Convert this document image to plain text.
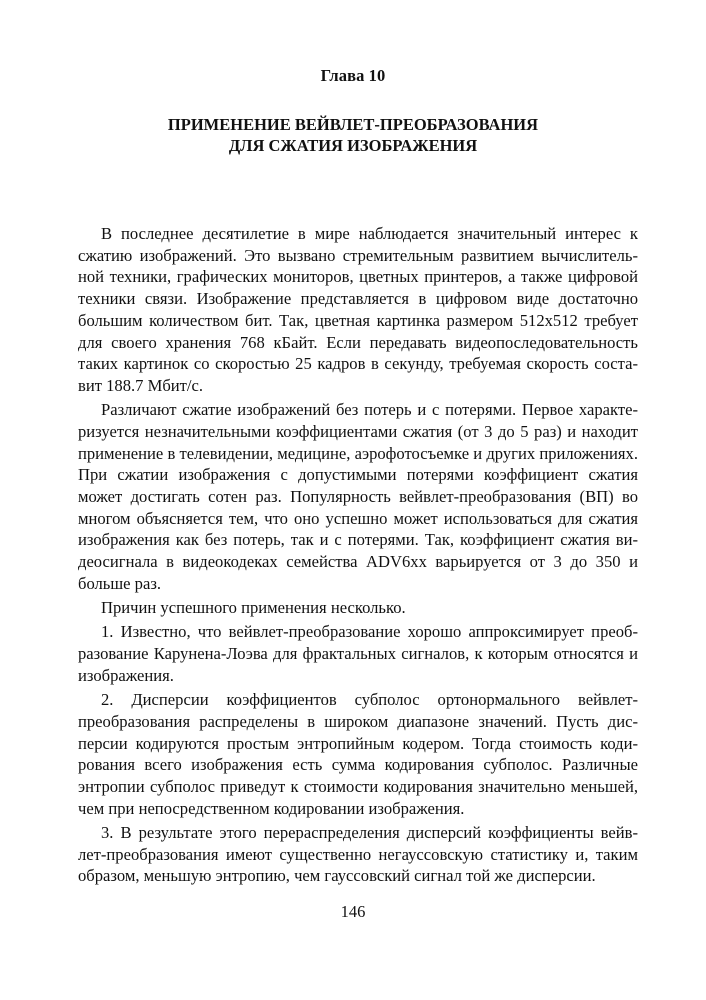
Глава 10
ПРИМЕНЕНИЕ ВЕЙВЛЕТ-ПРЕОБРАЗОВАНИЯ
ДЛЯ СЖАТИЯ ИЗОБРАЖЕНИЯ

В последнее десятилетие в мире наблюдается значительный интерес к сжатию изображений. Это вызвано стремительным развитием вычислительной техники, графических мониторов, цветных принтеров, а также цифровой техники связи. Изображение представляется в цифровом виде достаточно большим количеством бит. Так, цветная картинка размером 512x512 требует для своего хранения 768 кБайт. Если передавать видеопоследовательность таких картинок со скоростью 25 кадров в секунду, требуемая скорость составит 188.7 Мбит/с.

Различают сжатие изображений без потерь и с потерями. Первое характеризуется незначительными коэффициентами сжатия (от 3 до 5 раз) и находит применение в телевидении, медицине, аэрофотосъемке и других приложениях. При сжатии изображения с допустимыми потерями коэффициент сжатия может достигать сотен раз. Популярность вейвлет-преобразования (ВП) во многом объясняется тем, что оно успешно может использоваться для сжатия изображения как без потерь, так и с потерями. Так, коэффициент сжатия видеосигнала в видеокодеках семейства ADV6xx варьируется от 3 до 350 и больше раз.

Причин успешного применения несколько.

1. Известно, что вейвлет-преобразование хорошо аппроксимирует преобразование Карунена-Лоэва для фрактальных сигналов, к которым относятся и изображения.

2. Дисперсии коэффициентов субполос ортонормального вейвлет-преобразования распределены в широком диапазоне значений. Пусть дисперсии кодируются простым энтропийным кодером. Тогда стоимость кодирования всего изображения есть сумма кодирования субполос. Различные энтропии субполос приведут к стоимости кодирования значительно меньшей, чем при непосредственном кодировании изображения.

3. В результате этого перераспределения дисперсий коэффициенты вейвлет-преобразования имеют существенно негауссовскую статистику и, таким образом, меньшую энтропию, чем гауссовский сигнал той же дисперсии.

146
